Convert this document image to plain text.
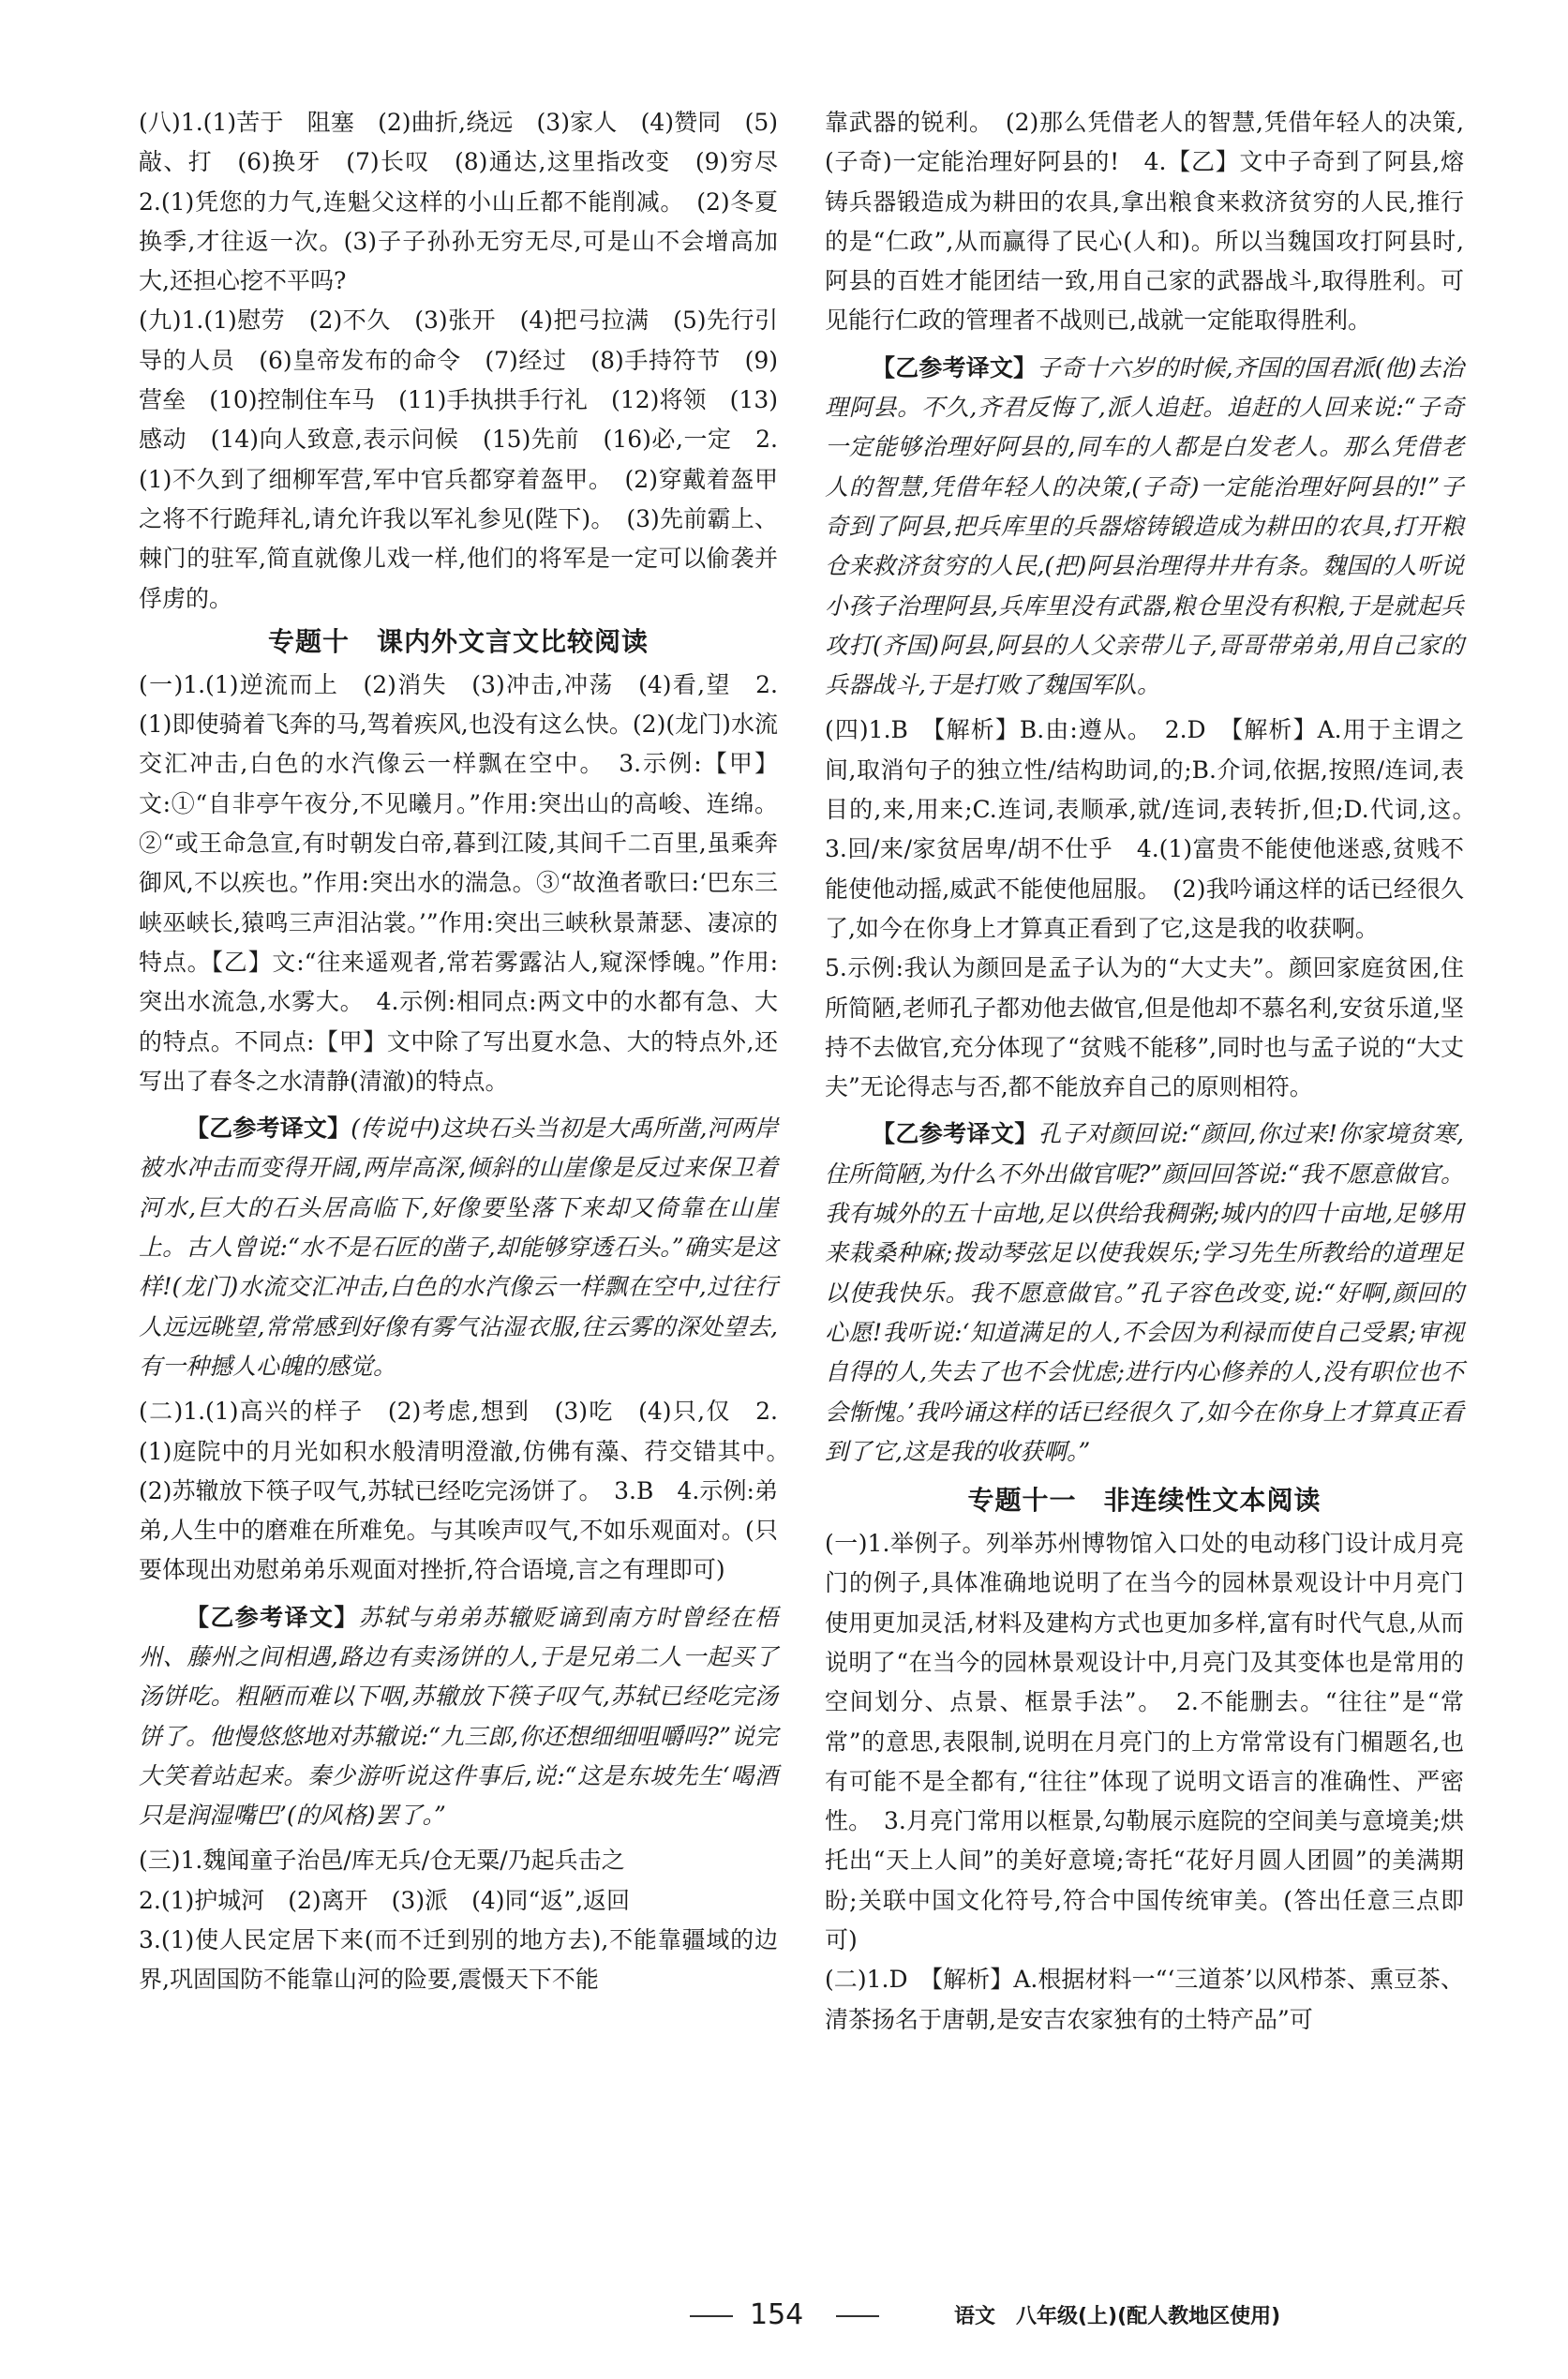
(八)1.(1)苦于　阻塞　(2)曲折,绕远　(3)家人　(4)赞同　(5)敲、打　(6)换牙　(7)长叹　(8)通达,这里指改变　(9)穷尽　2.(1)凭您的力气,连魁父这样的小山丘都不能削减。　(2)冬夏换季,才往返一次。(3)子子孙孙无穷无尽,可是山不会增高加大,还担心挖不平吗?

(九)1.(1)慰劳　(2)不久　(3)张开　(4)把弓拉满　(5)先行引导的人员　(6)皇帝发布的命令　(7)经过　(8)手持符节　(9)营垒　(10)控制住车马　(11)手执拱手行礼　(12)将领　(13)感动　(14)向人致意,表示问候　(15)先前　(16)必,一定　2.(1)不久到了细柳军营,军中官兵都穿着盔甲。　(2)穿戴着盔甲之将不行跪拜礼,请允许我以军礼参见(陛下)。　(3)先前霸上、棘门的驻军,简直就像儿戏一样,他们的将军是一定可以偷袭并俘虏的。

专题十　课内外文言文比较阅读

(一)1.(1)逆流而上　(2)消失　(3)冲击,冲荡　(4)看,望　2.(1)即使骑着飞奔的马,驾着疾风,也没有这么快。(2)(龙门)水流交汇冲击,白色的水汽像云一样飘在空中。　3.示例:【甲】文:①“自非亭午夜分,不见曦月。”作用:突出山的高峻、连绵。②“或王命急宣,有时朝发白帝,暮到江陵,其间千二百里,虽乘奔御风,不以疾也。”作用:突出水的湍急。③“故渔者歌曰:‘巴东三峡巫峡长,猿鸣三声泪沾裳。’”作用:突出三峡秋景萧瑟、凄凉的特点。【乙】文:“往来遥观者,常若雾露沾人,窥深悸魄。”作用:突出水流急,水雾大。　4.示例:相同点:两文中的水都有急、大的特点。不同点:【甲】文中除了写出夏水急、大的特点外,还写出了春冬之水清静(清澈)的特点。

【乙参考译文】(传说中)这块石头当初是大禹所凿,河两岸被水冲击而变得开阔,两岸高深,倾斜的山崖像是反过来保卫着河水,巨大的石头居高临下,好像要坠落下来却又倚靠在山崖上。古人曾说:“水不是石匠的凿子,却能够穿透石头。”确实是这样!(龙门)水流交汇冲击,白色的水汽像云一样飘在空中,过往行人远远眺望,常常感到好像有雾气沾湿衣服,往云雾的深处望去,有一种撼人心魄的感觉。

(二)1.(1)高兴的样子　(2)考虑,想到　(3)吃　(4)只,仅　2.(1)庭院中的月光如积水般清明澄澈,仿佛有藻、荇交错其中。　(2)苏辙放下筷子叹气,苏轼已经吃完汤饼了。　3.B　4.示例:弟弟,人生中的磨难在所难免。与其唉声叹气,不如乐观面对。(只要体现出劝慰弟弟乐观面对挫折,符合语境,言之有理即可)

【乙参考译文】苏轼与弟弟苏辙贬谪到南方时曾经在梧州、藤州之间相遇,路边有卖汤饼的人,于是兄弟二人一起买了汤饼吃。粗陋而难以下咽,苏辙放下筷子叹气,苏轼已经吃完汤饼了。他慢悠悠地对苏辙说:“九三郎,你还想细细咀嚼吗?”说完大笑着站起来。秦少游听说这件事后,说:“这是东坡先生‘喝酒只是润湿嘴巴’(的风格)罢了。”

(三)1.魏闻童子治邑/库无兵/仓无粟/乃起兵击之

2.(1)护城河　(2)离开　(3)派　(4)同“返”,返回

3.(1)使人民定居下来(而不迁到别的地方去),不能靠疆域的边界,巩固国防不能靠山河的险要,震慑天下不能

靠武器的锐利。　(2)那么凭借老人的智慧,凭借年轻人的决策,(子奇)一定能治理好阿县的!　4.【乙】文中子奇到了阿县,熔铸兵器锻造成为耕田的农具,拿出粮食来救济贫穷的人民,推行的是“仁政”,从而赢得了民心(人和)。所以当魏国攻打阿县时,阿县的百姓才能团结一致,用自己家的武器战斗,取得胜利。可见能行仁政的管理者不战则已,战就一定能取得胜利。

【乙参考译文】子奇十六岁的时候,齐国的国君派(他)去治理阿县。不久,齐君反悔了,派人追赶。追赶的人回来说:“子奇一定能够治理好阿县的,同车的人都是白发老人。那么凭借老人的智慧,凭借年轻人的决策,(子奇)一定能治理好阿县的!”子奇到了阿县,把兵库里的兵器熔铸锻造成为耕田的农具,打开粮仓来救济贫穷的人民,(把)阿县治理得井井有条。魏国的人听说小孩子治理阿县,兵库里没有武器,粮仓里没有积粮,于是就起兵攻打(齐国)阿县,阿县的人父亲带儿子,哥哥带弟弟,用自己家的兵器战斗,于是打败了魏国军队。

(四)1.B　【解析】B.由:遵从。　2.D　【解析】A.用于主谓之间,取消句子的独立性/结构助词,的;B.介词,依据,按照/连词,表目的,来,用来;C.连词,表顺承,就/连词,表转折,但;D.代词,这。　3.回/来/家贫居卑/胡不仕乎　4.(1)富贵不能使他迷惑,贫贱不能使他动摇,威武不能使他屈服。　(2)我吟诵这样的话已经很久了,如今在你身上才算真正看到了它,这是我的收获啊。

5.示例:我认为颜回是孟子认为的“大丈夫”。颜回家庭贫困,住所简陋,老师孔子都劝他去做官,但是他却不慕名利,安贫乐道,坚持不去做官,充分体现了“贫贱不能移”,同时也与孟子说的“大丈夫”无论得志与否,都不能放弃自己的原则相符。

【乙参考译文】孔子对颜回说:“颜回,你过来!你家境贫寒,住所简陋,为什么不外出做官呢?”颜回回答说:“我不愿意做官。我有城外的五十亩地,足以供给我稠粥;城内的四十亩地,足够用来栽桑种麻;拨动琴弦足以使我娱乐;学习先生所教给的道理足以使我快乐。我不愿意做官。”孔子容色改变,说:“好啊,颜回的心愿!我听说:‘知道满足的人,不会因为利禄而使自己受累;审视自得的人,失去了也不会忧虑;进行内心修养的人,没有职位也不会惭愧。’我吟诵这样的话已经很久了,如今在你身上才算真正看到了它,这是我的收获啊。”

专题十一　非连续性文本阅读

(一)1.举例子。列举苏州博物馆入口处的电动移门设计成月亮门的例子,具体准确地说明了在当今的园林景观设计中月亮门使用更加灵活,材料及建构方式也更加多样,富有时代气息,从而说明了“在当今的园林景观设计中,月亮门及其变体也是常用的空间划分、点景、框景手法”。　2.不能删去。“往往”是“常常”的意思,表限制,说明在月亮门的上方常常设有门楣题名,也有可能不是全都有,“往往”体现了说明文语言的准确性、严密性。　3.月亮门常用以框景,勾勒展示庭院的空间美与意境美;烘托出“天上人间”的美好意境;寄托“花好月圆人团圆”的美满期盼;关联中国文化符号,符合中国传统审美。(答出任意三点即可)

(二)1.D　【解析】A.根据材料一“‘三道茶’以风栉茶、熏豆茶、清茶扬名于唐朝,是安吉农家独有的土特产品”可

154	语文　八年级(上)(配人教地区使用)
